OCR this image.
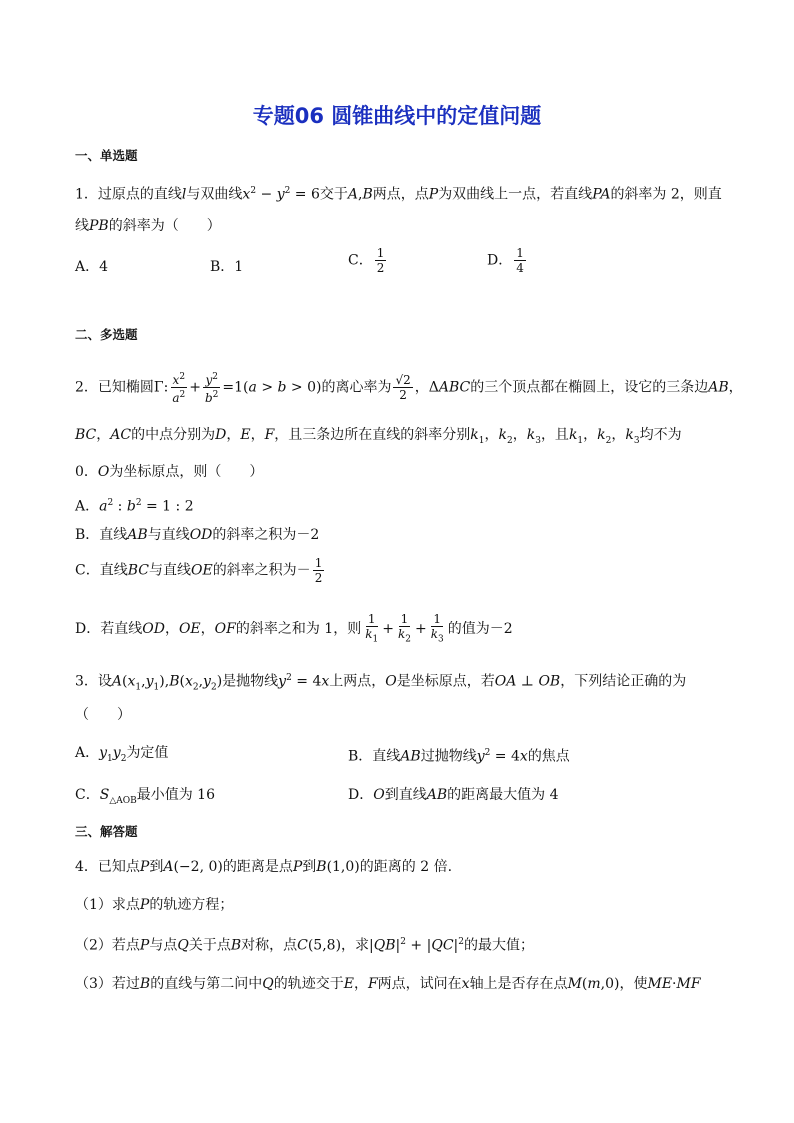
专题06 圆锥曲线中的定值问题
一、单选题
1．过原点的直线l与双曲线$x^2 - y^2 = 6$交于A,B两点，点P为双曲线上一点，若直线PA的斜率为 2，则直
线PB的斜率为（　　）
A．4	B．1	C． $\frac{1}{2}$	D． $\frac{1}{4}$
二、多选题
2．已知椭圆Γ: $\frac{x^2}{a^2} + \frac{y^2}{b^2} =1(a > b > 0)$的离心率为 $\frac{√2}{2}$ ，ΔABC的三个顶点都在椭圆上，设它的三条边AB，
BC，AC的中点分别为D，E，F，且三条边所在直线的斜率分别$k_1$，$k_2$，$k_3$，且$k_1$，$k_2$，$k_3$均不为
0．O为坐标原点，则（　　）
A．$a^2$ : $b^2 = 1$ : 2
B．直线AB与直线OD的斜率之积为－2
C．直线BC与直线OE的斜率之积为－ $\frac{1}{2}$
D．若直线OD，OE，OF的斜率之和为 1，则 $\frac{1}{k_1} + \frac{1}{k_2} + \frac{1}{k_3}$ 的值为－2
3．设$A(x_1,y_1),B(x_2,y_2)$是抛物线$y^2 = 4x$上两点，O是坐标原点，若OA ⊥ OB，下列结论正确的为
（　　）
A．$y_1y_2$为定值	B．直线AB过抛物线$y^2 = 4x$的焦点
C．$S_{\triangle AOB}$最小值为 16	D．O到直线AB的距离最大值为 4
三、解答题
4．已知点P到A(−2, 0)的距离是点P到B(1,0)的距离的 2 倍.
（1）求点P的轨迹方程；
（2）若点P与点Q关于点B对称，点C(5,8)，求$|QB|^2 + |QC|^2$的最大值；
（3）若过B的直线与第二问中Q的轨迹交于E，F两点，试问在x轴上是否存在点M(m,0)，使ME·MF
